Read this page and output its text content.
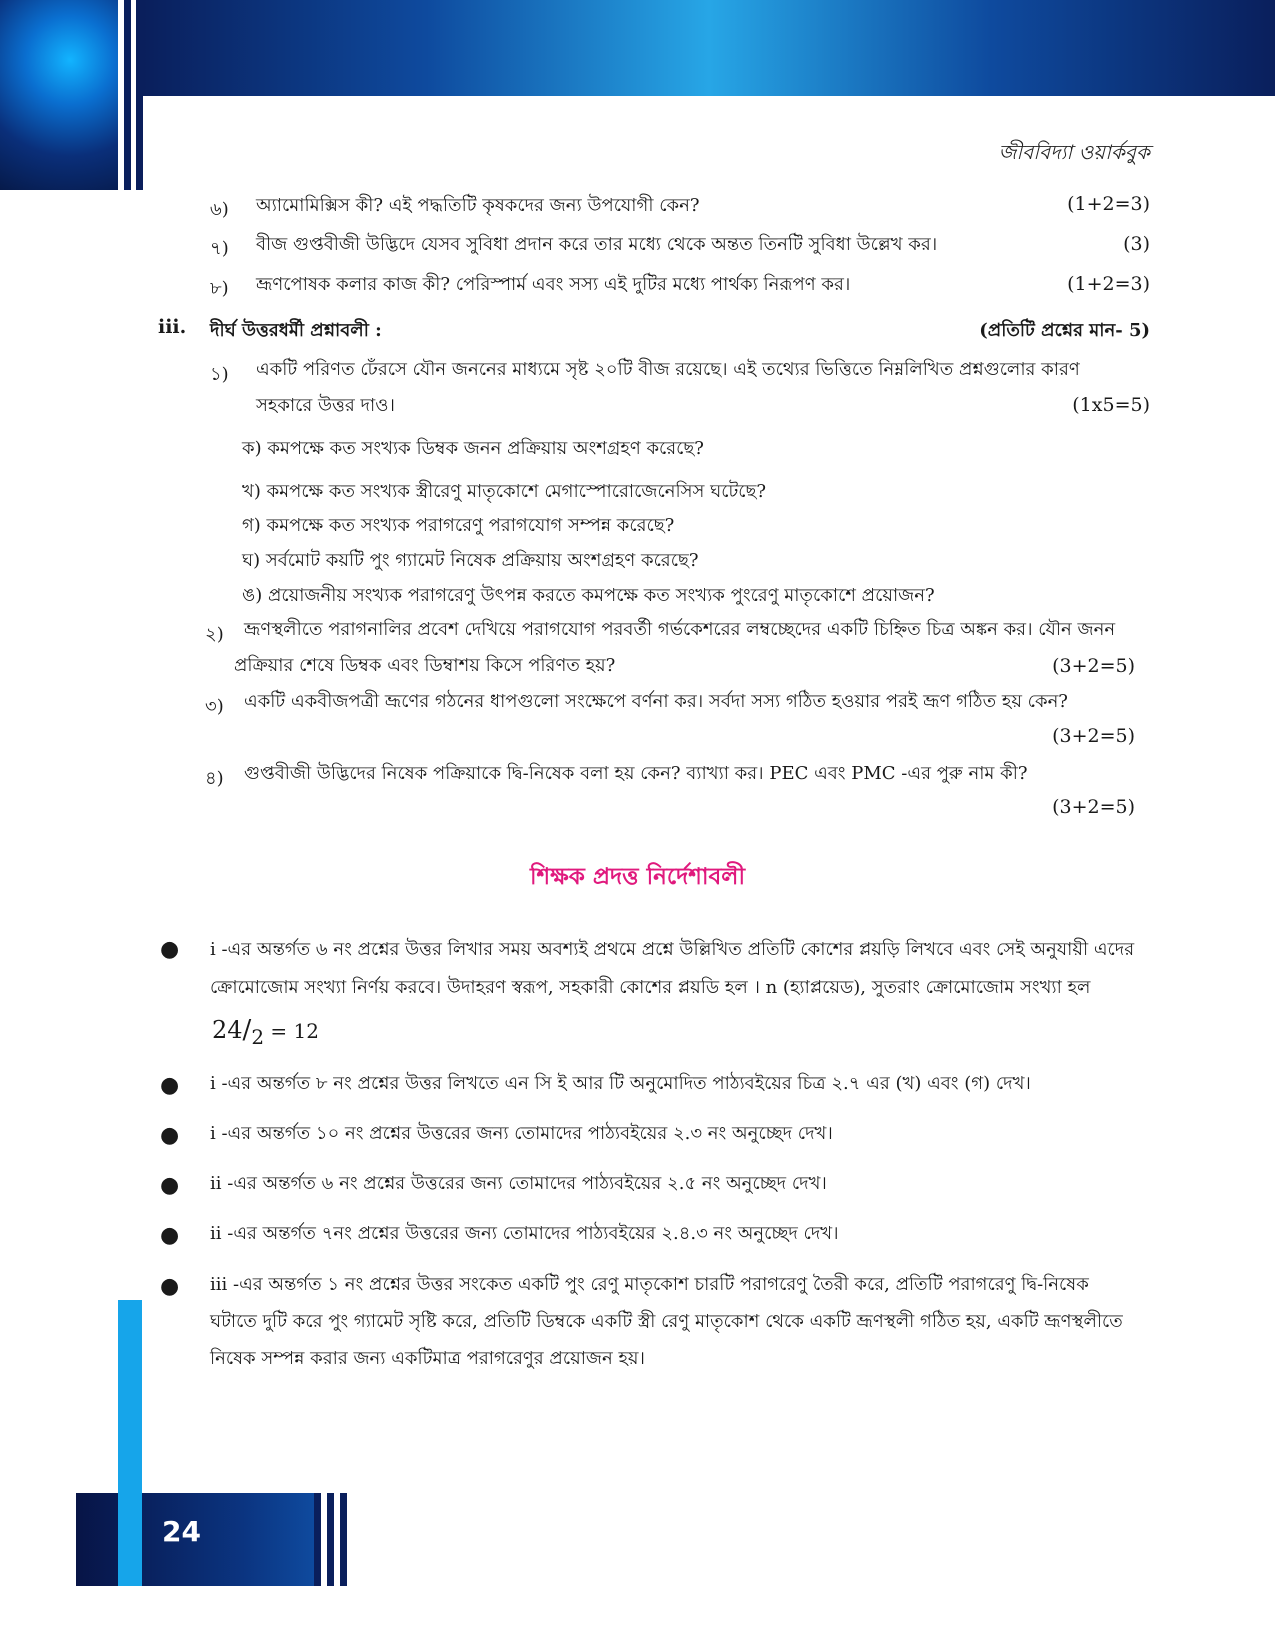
জীববিদ্যা ওয়ার্কবুক
৬) অ্যামোমিক্সিস কী? এই পদ্ধতিটি কৃষকদের জন্য উপযোগী কেন?	(1+2=3)
৭) বীজ গুপ্তবীজী উদ্ভিদে যেসব সুবিধা প্রদান করে তার মধ্যে থেকে অন্তত তিনটি সুবিধা উল্লেখ কর।	(3)
৮) ভ্রূণপোষক কলার কাজ কী? পেরিস্পার্ম এবং সস্য এই দুটির মধ্যে পার্থক্য নিরূপণ কর।	(1+2=3)
iii. দীর্ঘ উত্তরধর্মী প্রশ্নাবলী :	(প্রতিটি প্রশ্নের মান- 5)
১) একটি পরিণত ঢেঁরসে যৌন জননের মাধ্যমে সৃষ্ট ২০টি বীজ রয়েছে। এই তথ্যের ভিত্তিতে নিম্নলিখিত প্রশ্নগুলোর কারণ
সহকারে উত্তর দাও।	(1x5=5)
ক) কমপক্ষে কত সংখ্যক ডিম্বক জনন প্রক্রিয়ায় অংশগ্রহণ করেছে?
খ) কমপক্ষে কত সংখ্যক স্ত্রীরেণু মাতৃকোশে মেগাস্পোরোজেনেসিস ঘটেছে?
গ) কমপক্ষে কত সংখ্যক পরাগরেণু পরাগযোগ সম্পন্ন করেছে?
ঘ) সর্বমোট কয়টি পুং গ্যামেট নিষেক প্রক্রিয়ায় অংশগ্রহণ করেছে?
ঙ) প্রয়োজনীয় সংখ্যক পরাগরেণু উৎপন্ন করতে কমপক্ষে কত সংখ্যক পুংরেণু মাতৃকোশে প্রয়োজন?
২) ভ্রূণস্থলীতে পরাগনালির প্রবেশ দেখিয়ে পরাগযোগ পরবর্তী গর্ভকেশরের লম্বচ্ছেদের একটি চিহ্নিত চিত্র অঙ্কন কর। যৌন জনন
প্রক্রিয়ার শেষে ডিম্বক এবং ডিম্বাশয় কিসে পরিণত হয়?	(3+2=5)
৩) একটি একবীজপত্রী ভ্রূণের গঠনের ধাপগুলো সংক্ষেপে বর্ণনা কর। সর্বদা সস্য গঠিত হওয়ার পরই ভ্রূণ গঠিত হয় কেন?
(3+2=5)
৪) গুপ্তবীজী উদ্ভিদের নিষেক পক্রিয়াকে দ্বি-নিষেক বলা হয় কেন? ব্যাখ্যা কর। PEC এবং PMC -এর পুরু নাম কী?
(3+2=5)
শিক্ষক প্রদত্ত নির্দেশাবলী
● i -এর অন্তর্গত ৬ নং প্রশ্নের উত্তর লিখার সময় অবশ্যই প্রথমে প্রশ্নে উল্লিখিত প্রতিটি কোশের প্লয়ড়ি লিখবে এবং সেই অনুযায়ী এদের
ক্রোমোজোম সংখ্যা নির্ণয় করবে। উদাহরণ স্বরূপ, সহকারী কোশের প্লয়ডি হল । n (হ্যাপ্লয়েড), সুতরাং ক্রোমোজোম সংখ্যা হল
24/2 = 12
● i -এর অন্তর্গত ৮ নং প্রশ্নের উত্তর লিখতে এন সি ই আর টি অনুমোদিত পাঠ্যবইয়ের চিত্র ২.৭ এর (খ) এবং (গ) দেখ।
● i -এর অন্তর্গত ১০ নং প্রশ্নের উত্তরের জন্য তোমাদের পাঠ্যবইয়ের ২.৩ নং অনুচ্ছেদ দেখ।
● ii -এর অন্তর্গত ৬ নং প্রশ্নের উত্তরের জন্য তোমাদের পাঠ্যবইয়ের ২.৫ নং অনুচ্ছেদ দেখ।
● ii -এর অন্তর্গত ৭নং প্রশ্নের উত্তরের জন্য তোমাদের পাঠ্যবইয়ের ২.৪.৩ নং অনুচ্ছেদ দেখ।
● iii -এর অন্তর্গত ১ নং প্রশ্নের উত্তর সংকেত একটি পুং রেণু মাতৃকোশ চারটি পরাগরেণু তৈরী করে, প্রতিটি পরাগরেণু দ্বি-নিষেক
ঘটাতে দুটি করে পুং গ্যামেট সৃষ্টি করে, প্রতিটি ডিম্বকে একটি স্ত্রী রেণু মাতৃকোশ থেকে একটি ভ্রূণস্থলী গঠিত হয়, একটি ভ্রূণস্থলীতে
নিষেক সম্পন্ন করার জন্য একটিমাত্র পরাগরেণুর প্রয়োজন হয়।
24
